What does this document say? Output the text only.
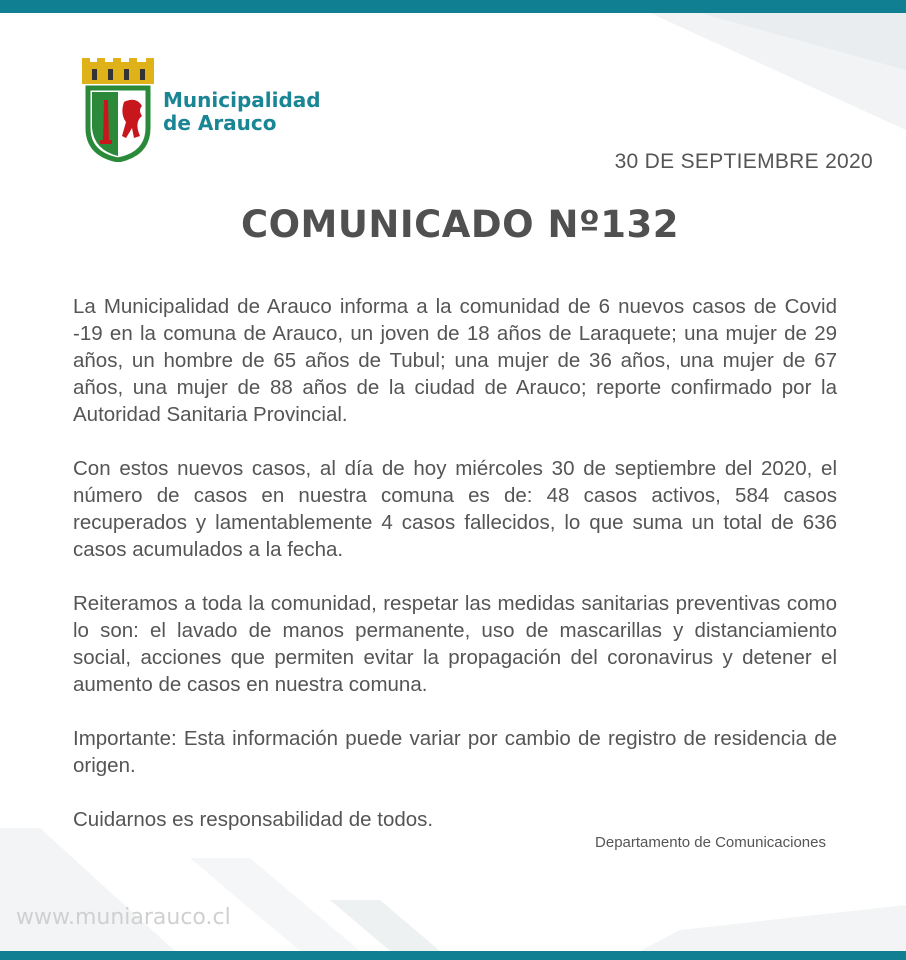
Municipalidad
de Arauco
30 DE SEPTIEMBRE 2020
COMUNICADO Nº132

La Municipalidad de Arauco informa a la comunidad de 6 nuevos casos de Covid -19 en la comuna de Arauco, un joven de 18 años de Laraquete; una mujer de 29 años, un hombre de 65 años de Tubul; una mujer de 36 años, una mujer de 67 años, una mujer de 88 años de la ciudad de Arauco; reporte confirmado por la Autoridad Sanitaria Provincial.

Con estos nuevos casos, al día de hoy miércoles 30 de septiembre del 2020, el número de casos en nuestra comuna es de: 48 casos activos, 584 casos recuperados y lamentablemente 4 casos fallecidos, lo que suma un total de 636 casos acumulados a la fecha.

Reiteramos a toda la comunidad, respetar las medidas sanitarias preventivas como lo son: el lavado de manos permanente, uso de mascarillas y distanciamiento social, acciones que permiten evitar la propagación del coronavirus y detener el aumento de casos en nuestra comuna.

Importante: Esta información puede variar por cambio de registro de residencia de origen.

Cuidarnos es responsabilidad de todos.

Departamento de Comunicaciones
www.muniarauco.cl
